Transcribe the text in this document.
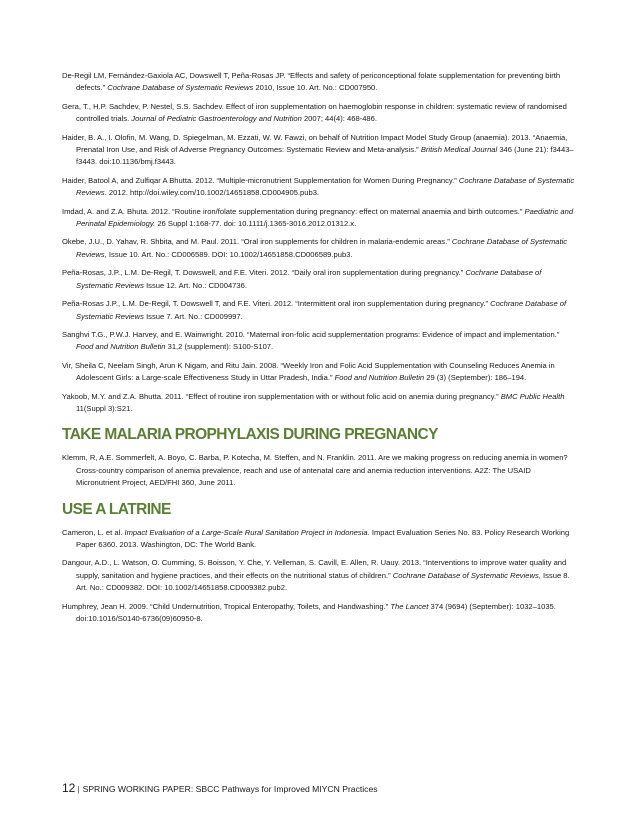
De-Regil LM, Fernández-Gaxiola AC, Dowswell T, Peña-Rosas JP. “Effects and safety of periconceptional folate supplementation for preventing birth defects.” Cochrane Database of Systematic Reviews 2010, Issue 10. Art. No.: CD007950.

Gera, T., H.P. Sachdev, P. Nestel, S.S. Sachdev. Effect of iron supplementation on haemoglobin response in children: systematic review of randomised controlled trials. Journal of Pediatric Gastroenterology and Nutrition 2007; 44(4): 468-486.

Haider, B. A., I. Olofin, M. Wang, D. Spiegelman, M. Ezzati, W. W. Fawzi, on behalf of Nutrition Impact Model Study Group (anaemia). 2013. “Anaemia, Prenatal Iron Use, and Risk of Adverse Pregnancy Outcomes: Systematic Review and Meta-analysis.” British Medical Journal 346 (June 21): f3443–f3443. doi:10.1136/bmj.f3443.

Haider, Batool A, and Zulfiqar A Bhutta. 2012. “Multiple-micronutrient Supplementation for Women During Pregnancy.” Cochrane Database of Systematic Reviews. 2012. http://doi.wiley.com/10.1002/14651858.CD004905.pub3.

Imdad, A. and Z.A. Bhuta. 2012. “Routine iron/folate supplementation during pregnancy: effect on maternal anaemia and birth outcomes.” Paediatric and Perinatal Epidemiology. 26 Suppl 1:168-77. doi: 10.1111/j.1365-3016.2012.01312.x.

Okebe, J.U., D. Yahav, R. Shbita, and M. Paul. 2011. “Oral iron supplements for children in malaria-endemic areas.” Cochrane Database of Systematic Reviews, Issue 10. Art. No.: CD006589. DOI: 10.1002/14651858.CD006589.pub3.

Peña-Rosas, J.P., L.M. De-Regil, T. Dowswell, and F.E. Viteri. 2012. “Daily oral iron supplementation during pregnancy.” Cochrane Database of Systematic Reviews Issue 12. Art. No.: CD004736.

Peña-Rosas J.P., L.M. De-Regil, T. Dowswell T, and F.E. Viteri. 2012. “Intermittent oral iron supplementation during pregnancy.” Cochrane Database of Systematic Reviews Issue 7. Art. No.: CD009997.

Sanghvi T.G., P.W.J. Harvey, and E. Wainwright. 2010. “Maternal iron-folic acid supplementation programs: Evidence of impact and implementation.” Food and Nutrition Bulletin 31,2 (supplement): S100-S107.

Vir, Sheila C, Neelam Singh, Arun K Nigam, and Ritu Jain. 2008. “Weekly Iron and Folic Acid Supplementation with Counseling Reduces Anemia in Adolescent Girls: a Large-scale Effectiveness Study in Uttar Pradesh, India.” Food and Nutrition Bulletin 29 (3) (September): 186–194.

Yakoob, M.Y. and Z.A. Bhutta. 2011. “Effect of routine iron supplementation with or without folic acid on anemia during pregnancy.” BMC Public Health 11(Suppl 3):S21.

TAKE MALARIA PROPHYLAXIS DURING PREGNANCY

Klemm, R, A.E. Sommerfelt, A. Boyo, C. Barba, P. Kotecha, M. Steffen, and N. Franklin. 2011. Are we making progress on reducing anemia in women? Cross-country comparison of anemia prevalence, reach and use of antenatal care and anemia reduction interventions. A2Z: The USAID Micronutrient Project, AED/FHI 360, June 2011.

USE A LATRINE

Cameron, L. et al. Impact Evaluation of a Large-Scale Rural Sanitation Project in Indonesia. Impact Evaluation Series No. 83. Policy Research Working Paper 6360. 2013. Washington, DC: The World Bank.

Dangour, A.D., L. Watson, O. Cumming, S. Boisson, Y. Che, Y. Velleman, S. Cavill, E. Allen, R. Uauy. 2013. “Interventions to improve water quality and supply, sanitation and hygiene practices, and their effects on the nutritional status of children.” Cochrane Database of Systematic Reviews, Issue 8. Art. No.: CD009382. DOI: 10.1002/14651858.CD009382.pub2.

Humphrey, Jean H. 2009. “Child Undernutrition, Tropical Enteropathy, Toilets, and Handwashing.” The Lancet 374 (9694) (September): 1032–1035. doi:10.1016/S0140-6736(09)60950-8.

12 | SPRING WORKING PAPER: SBCC Pathways for Improved MIYCN Practices
